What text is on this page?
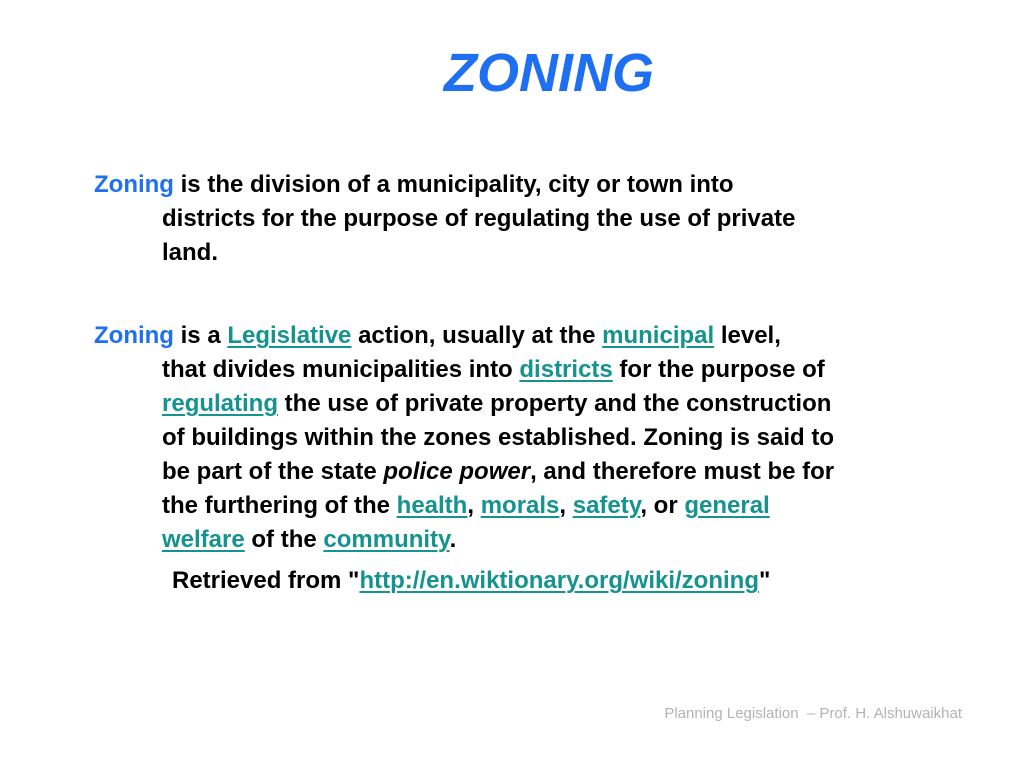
ZONING
Zoning is the division of a municipality, city or town into
districts for the purpose of regulating the use of private
land.
Zoning is a Legislative action, usually at the municipal level,
that divides municipalities into districts for the purpose of
regulating the use of private property and the construction
of buildings within the zones established. Zoning is said to
be part of the state police power, and therefore must be for
the furthering of the health, morals, safety, or general
welfare of the community.
Retrieved from "http://en.wiktionary.org/wiki/zoning"
Planning Legislation  – Prof. H. Alshuwaikhat
